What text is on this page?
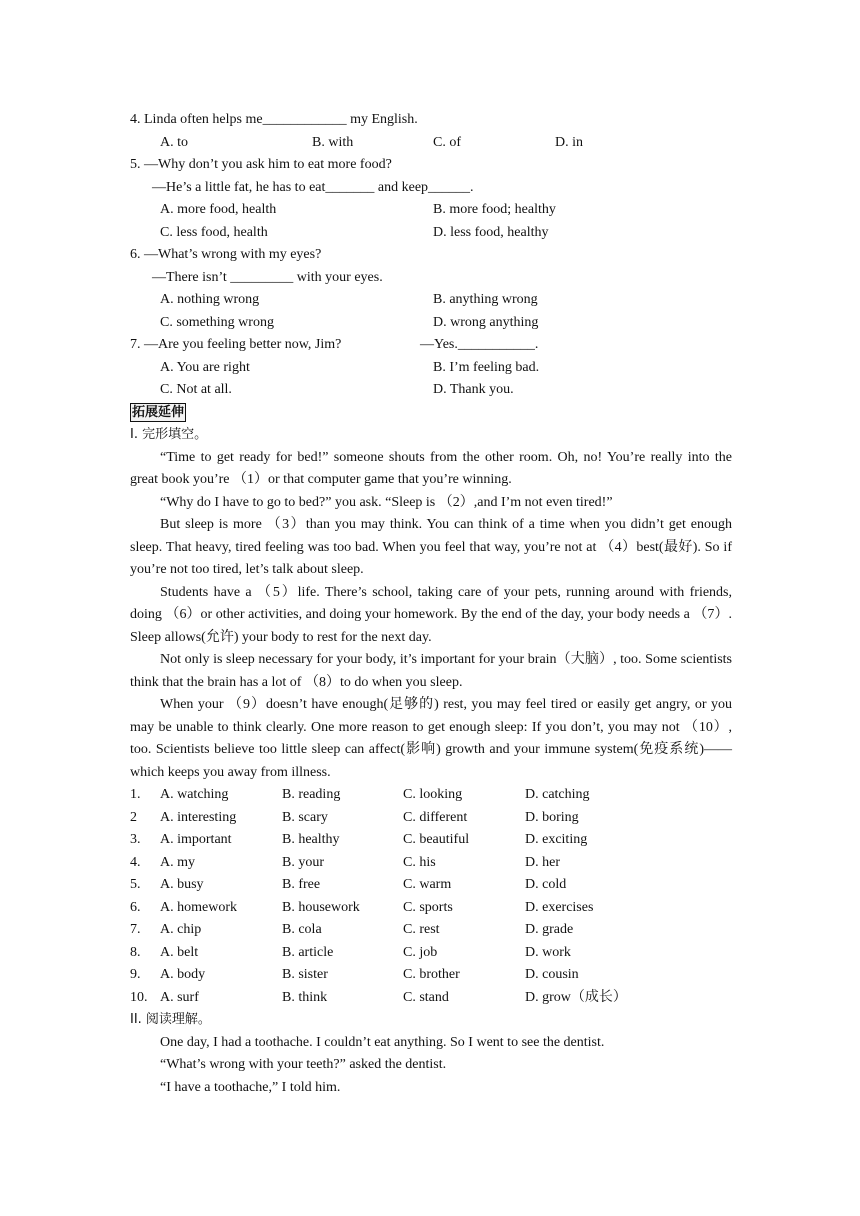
4. Linda often helps me____________ my English.
A. to	B. with	C. of	D. in
5. —Why don’t you ask him to eat more food?
—He’s a little fat, he has to eat_______ and keep______.
A. more food, health	B. more food; healthy
C. less food, health	D. less food, healthy
6. —What’s wrong with my eyes?
—There isn’t _________ with your eyes.
A. nothing wrong	B. anything wrong
C. something wrong	D. wrong anything
7. —Are you feeling better now, Jim?	—Yes.___________.
A. You are right	B. I’m feeling bad.
C. Not at all.	D. Thank you.
拓展延伸
I. 完形填空。

“Time to get ready for bed!” someone shouts from the other room. Oh, no! You’re really into the great book you’re （1）or that computer game that you’re winning.

“Why do I have to go to bed?” you ask. “Sleep is （2）,and I’m not even tired!”

But sleep is more （3）than you may think. You can think of a time when you didn’t get enough sleep. That heavy, tired feeling was too bad. When you feel that way, you’re not at （4）best(最好). So if you’re not too tired, let’s talk about sleep.

Students have a （5）life. There’s school, taking care of your pets, running around with friends, doing （6）or other activities, and doing your homework. By the end of the day, your body needs a （7）. Sleep allows(允许) your body to rest for the next day.

Not only is sleep necessary for your body, it’s important for your brain（大脑）, too. Some scientists think that the brain has a lot of （8）to do when you sleep.

When your （9）doesn’t have enough(足够的) rest, you may feel tired or easily get angry, or you may be unable to think clearly. One more reason to get enough sleep: If you don’t, you may not （10）, too. Scientists believe too little sleep can affect(影响) growth and your immune system(免疫系统)——which keeps you away from illness.

1. A. watching	B. reading	C. looking	D. catching
2 A. interesting	B. scary	C. different	D. boring
3. A. important	B. healthy	C. beautiful	D. exciting
4. A. my	B. your	C. his	D. her
5. A. busy	B. free	C. warm	D. cold
6. A. homework	B. housework	C. sports	D. exercises
7. A. chip	B. cola	C. rest	D. grade
8. A. belt	B. article	C. job	D. work
9. A. body	B. sister	C. brother	D. cousin
10. A. surf	B. think	C. stand	D. grow（成长）
II. 阅读理解。

One day, I had a toothache. I couldn’t eat anything. So I went to see the dentist.

“What’s wrong with your teeth?” asked the dentist.

“I have a toothache,” I told him.
